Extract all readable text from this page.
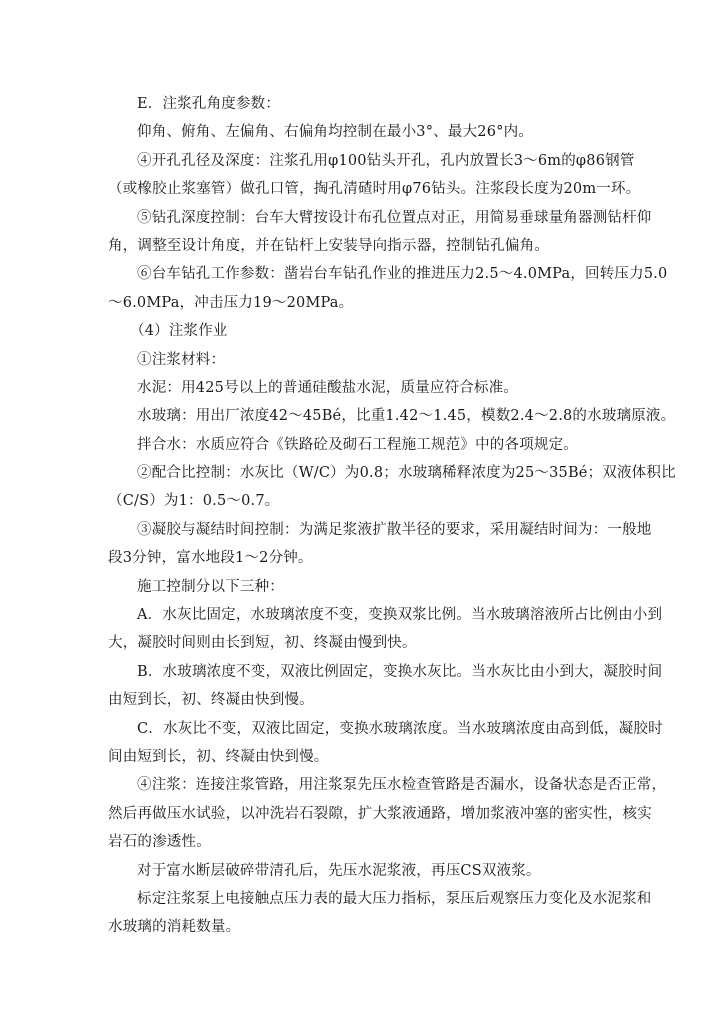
E．注浆孔角度参数：
仰角、俯角、左偏角、右偏角均控制在最小3°、最大26°内。
④开孔孔径及深度：注浆孔用φ100钻头开孔，孔内放置长3～6m的φ86钢管
（或橡胶止浆塞管）做孔口管，掏孔清碴时用φ76钻头。注浆段长度为20m一环。
⑤钻孔深度控制：台车大臂按设计布孔位置点对正，用简易垂球量角器测钻杆仰
角，调整至设计角度，并在钻杆上安装导向指示器，控制钻孔偏角。
⑥台车钻孔工作参数：凿岩台车钻孔作业的推进压力2.5～4.0MPa，回转压力5.0
～6.0MPa，冲击压力19～20MPa。
（4）注浆作业
①注浆材料：
水泥：用425号以上的普通硅酸盐水泥，质量应符合标准。
水玻璃：用出厂浓度42～45Bé，比重1.42～1.45，模数2.4～2.8的水玻璃原液。
拌合水：水质应符合《铁路砼及砌石工程施工规范》中的各项规定。
②配合比控制：水灰比（W/C）为0.8；水玻璃稀释浓度为25～35Bé；双液体积比
（C/S）为1：0.5～0.7。
③凝胶与凝结时间控制：为满足浆液扩散半径的要求，采用凝结时间为：一般地
段3分钟，富水地段1～2分钟。
施工控制分以下三种：
A．水灰比固定，水玻璃浓度不变，变换双浆比例。当水玻璃溶液所占比例由小到
大，凝胶时间则由长到短，初、终凝由慢到快。
B．水玻璃浓度不变，双液比例固定，变换水灰比。当水灰比由小到大，凝胶时间
由短到长，初、终凝由快到慢。
C．水灰比不变，双液比固定，变换水玻璃浓度。当水玻璃浓度由高到低，凝胶时
间由短到长，初、终凝由快到慢。
④注浆：连接注浆管路，用注浆泵先压水检查管路是否漏水，设备状态是否正常，
然后再做压水试验，以冲洗岩石裂隙，扩大浆液通路，增加浆液冲塞的密实性，核实
岩石的渗透性。
对于富水断层破碎带清孔后，先压水泥浆液，再压CS双液浆。
标定注浆泵上电接触点压力表的最大压力指标，泵压后观察压力变化及水泥浆和
水玻璃的消耗数量。
